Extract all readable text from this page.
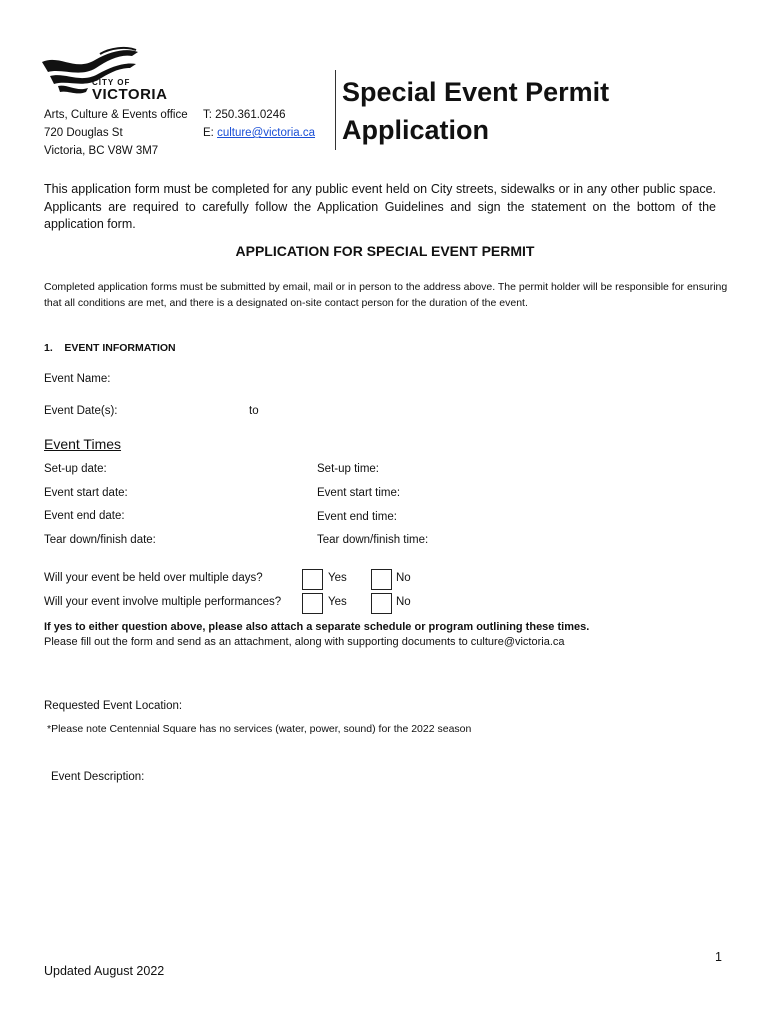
CITY OF
VICTORIA
Arts, Culture & Events office
720 Douglas St
Victoria, BC V8W 3M7
T: 250.361.0246
E: culture@victoria.ca
Special Event Permit
Application
This application form must be completed for any public event held on City streets, sidewalks or in any other public space. Applicants are required to carefully follow the Application Guidelines and sign the statement on the bottom of the application form.
APPLICATION FOR SPECIAL EVENT PERMIT
Completed application forms must be submitted by email, mail or in person to the address above. The permit holder will be responsible for ensuring that all conditions are met, and there is a designated on-site contact person for the duration of the event.
1.    EVENT INFORMATION
Event Name:
Event Date(s):	to
Event Times
Set-up date:	Set-up time:
Event start date:	Event start time:
Event end date:	Event end time:
Tear down/finish date:	Tear down/finish time:
Will your event be held over multiple days?	Yes	No
Will your event involve multiple performances?	Yes	No
If yes to either question above, please also attach a separate schedule or program outlining these times.
Please fill out the form and send as an attachment, along with supporting documents to culture@victoria.ca
Requested Event Location:
*Please note Centennial Square has no services (water, power, sound) for the 2022 season
Event Description:
1
Updated August 2022
